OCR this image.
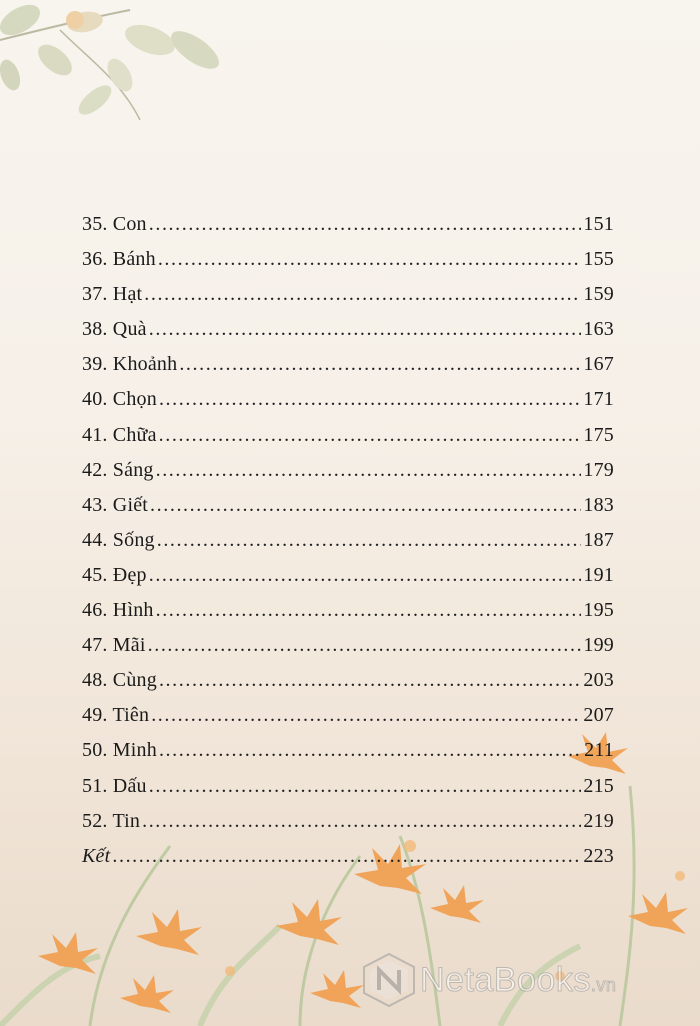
35. Con .....	151
36. Bánh .....	155
37. Hạt .....	159
38. Quà .....	163
39. Khoảnh .....	167
40. Chọn .....	171
41. Chữa .....	175
42. Sáng .....	179
43. Giết .....	183
44. Sống .....	187
45. Đẹp .....	191
46. Hình .....	195
47. Mãi .....	199
48. Cùng .....	203
49. Tiên .....	207
50. Minh .....	211
51. Dấu .....	215
52. Tin .....	219
Kết .....	223
NetaBooks.vn
